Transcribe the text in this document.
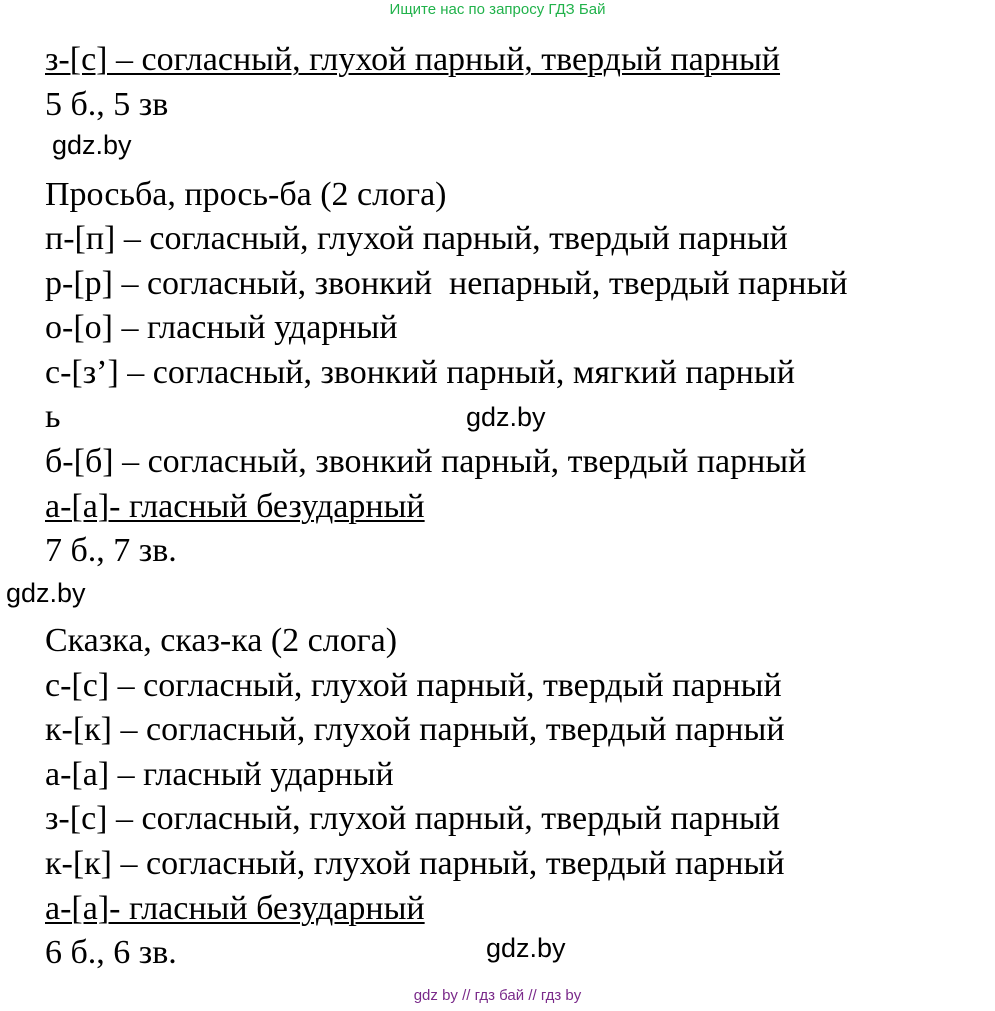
Ищите нас по запросу ГДЗ Бай
з-[с] – согласный, глухой парный, твердый парный
5 б., 5 зв
gdz.by
Просьба, прось-ба (2 слога)
п-[п] – согласный, глухой парный, твердый парный
р-[р] – согласный, звонкий  непарный, твердый парный
о-[о] – гласный ударный
с-[з’] – согласный, звонкий парный, мягкий парный
ь	gdz.by
б-[б] – согласный, звонкий парный, твердый парный
а-[а]- гласный безударный
7 б., 7 зв.
gdz.by
Сказка, сказ-ка (2 слога)
с-[с] – согласный, глухой парный, твердый парный
к-[к] – согласный, глухой парный, твердый парный
а-[а] – гласный ударный
з-[с] – согласный, глухой парный, твердый парный
к-[к] – согласный, глухой парный, твердый парный
а-[а]- гласный безударный
6 б., 6 зв.	gdz.by
gdz by // гдз бай // гдз by
